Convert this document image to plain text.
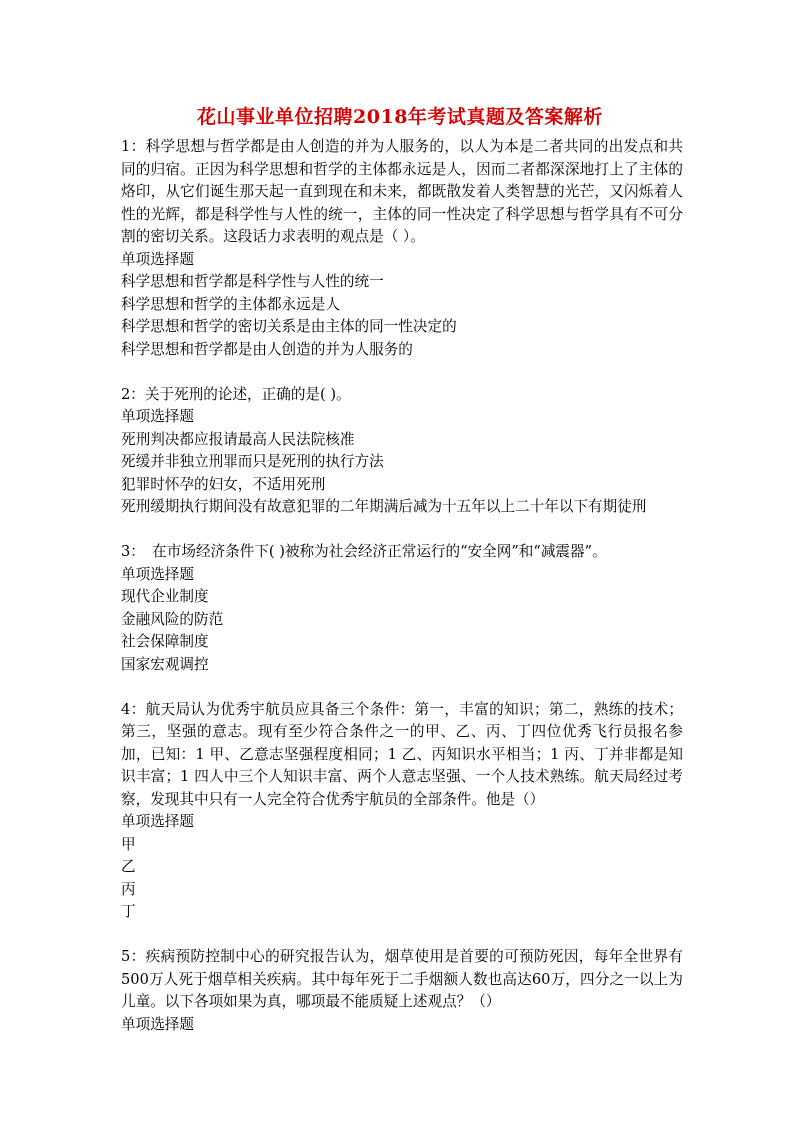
花山事业单位招聘2018年考试真题及答案解析

1：科学思想与哲学都是由人创造的并为人服务的，以人为本是二者共同的出发点和共同的归宿。正因为科学思想和哲学的主体都永远是人，因而二者都深深地打上了主体的烙印，从它们诞生那天起一直到现在和未来，都既散发着人类智慧的光芒，又闪烁着人性的光辉，都是科学性与人性的统一，主体的同一性决定了科学思想与哲学具有不可分割的密切关系。这段话力求表明的观点是（ ）。

单项选择题

科学思想和哲学都是科学性与人性的统一

科学思想和哲学的主体都永远是人

科学思想和哲学的密切关系是由主体的同一性决定的

科学思想和哲学都是由人创造的并为人服务的

2：关于死刑的论述，正确的是( )。

单项选择题

死刑判决都应报请最高人民法院核准

死缓并非独立刑罪而只是死刑的执行方法

犯罪时怀孕的妇女，不适用死刑

死刑缓期执行期间没有故意犯罪的二年期满后减为十五年以上二十年以下有期徒刑

3：　在市场经济条件下( )被称为社会经济正常运行的“安全网”和“减震器”。

单项选择题

现代企业制度

金融风险的防范

社会保障制度

国家宏观调控

4：航天局认为优秀宇航员应具备三个条件：第一，丰富的知识；第二，熟练的技术；第三，坚强的意志。现有至少符合条件之一的甲、乙、丙、丁四位优秀飞行员报名参加，已知：1 甲、乙意志坚强程度相同；1 乙、丙知识水平相当；1 丙、丁并非都是知识丰富；1 四人中三个人知识丰富、两个人意志坚强、一个人技术熟练。航天局经过考察，发现其中只有一人完全符合优秀宇航员的全部条件。他是（）

单项选择题

甲

乙

丙

丁

5：疾病预防控制中心的研究报告认为，烟草使用是首要的可预防死因，每年全世界有500万人死于烟草相关疾病。其中每年死于二手烟额人数也高达60万，四分之一以上为儿童。以下各项如果为真，哪项最不能质疑上述观点？（）

单项选择题
